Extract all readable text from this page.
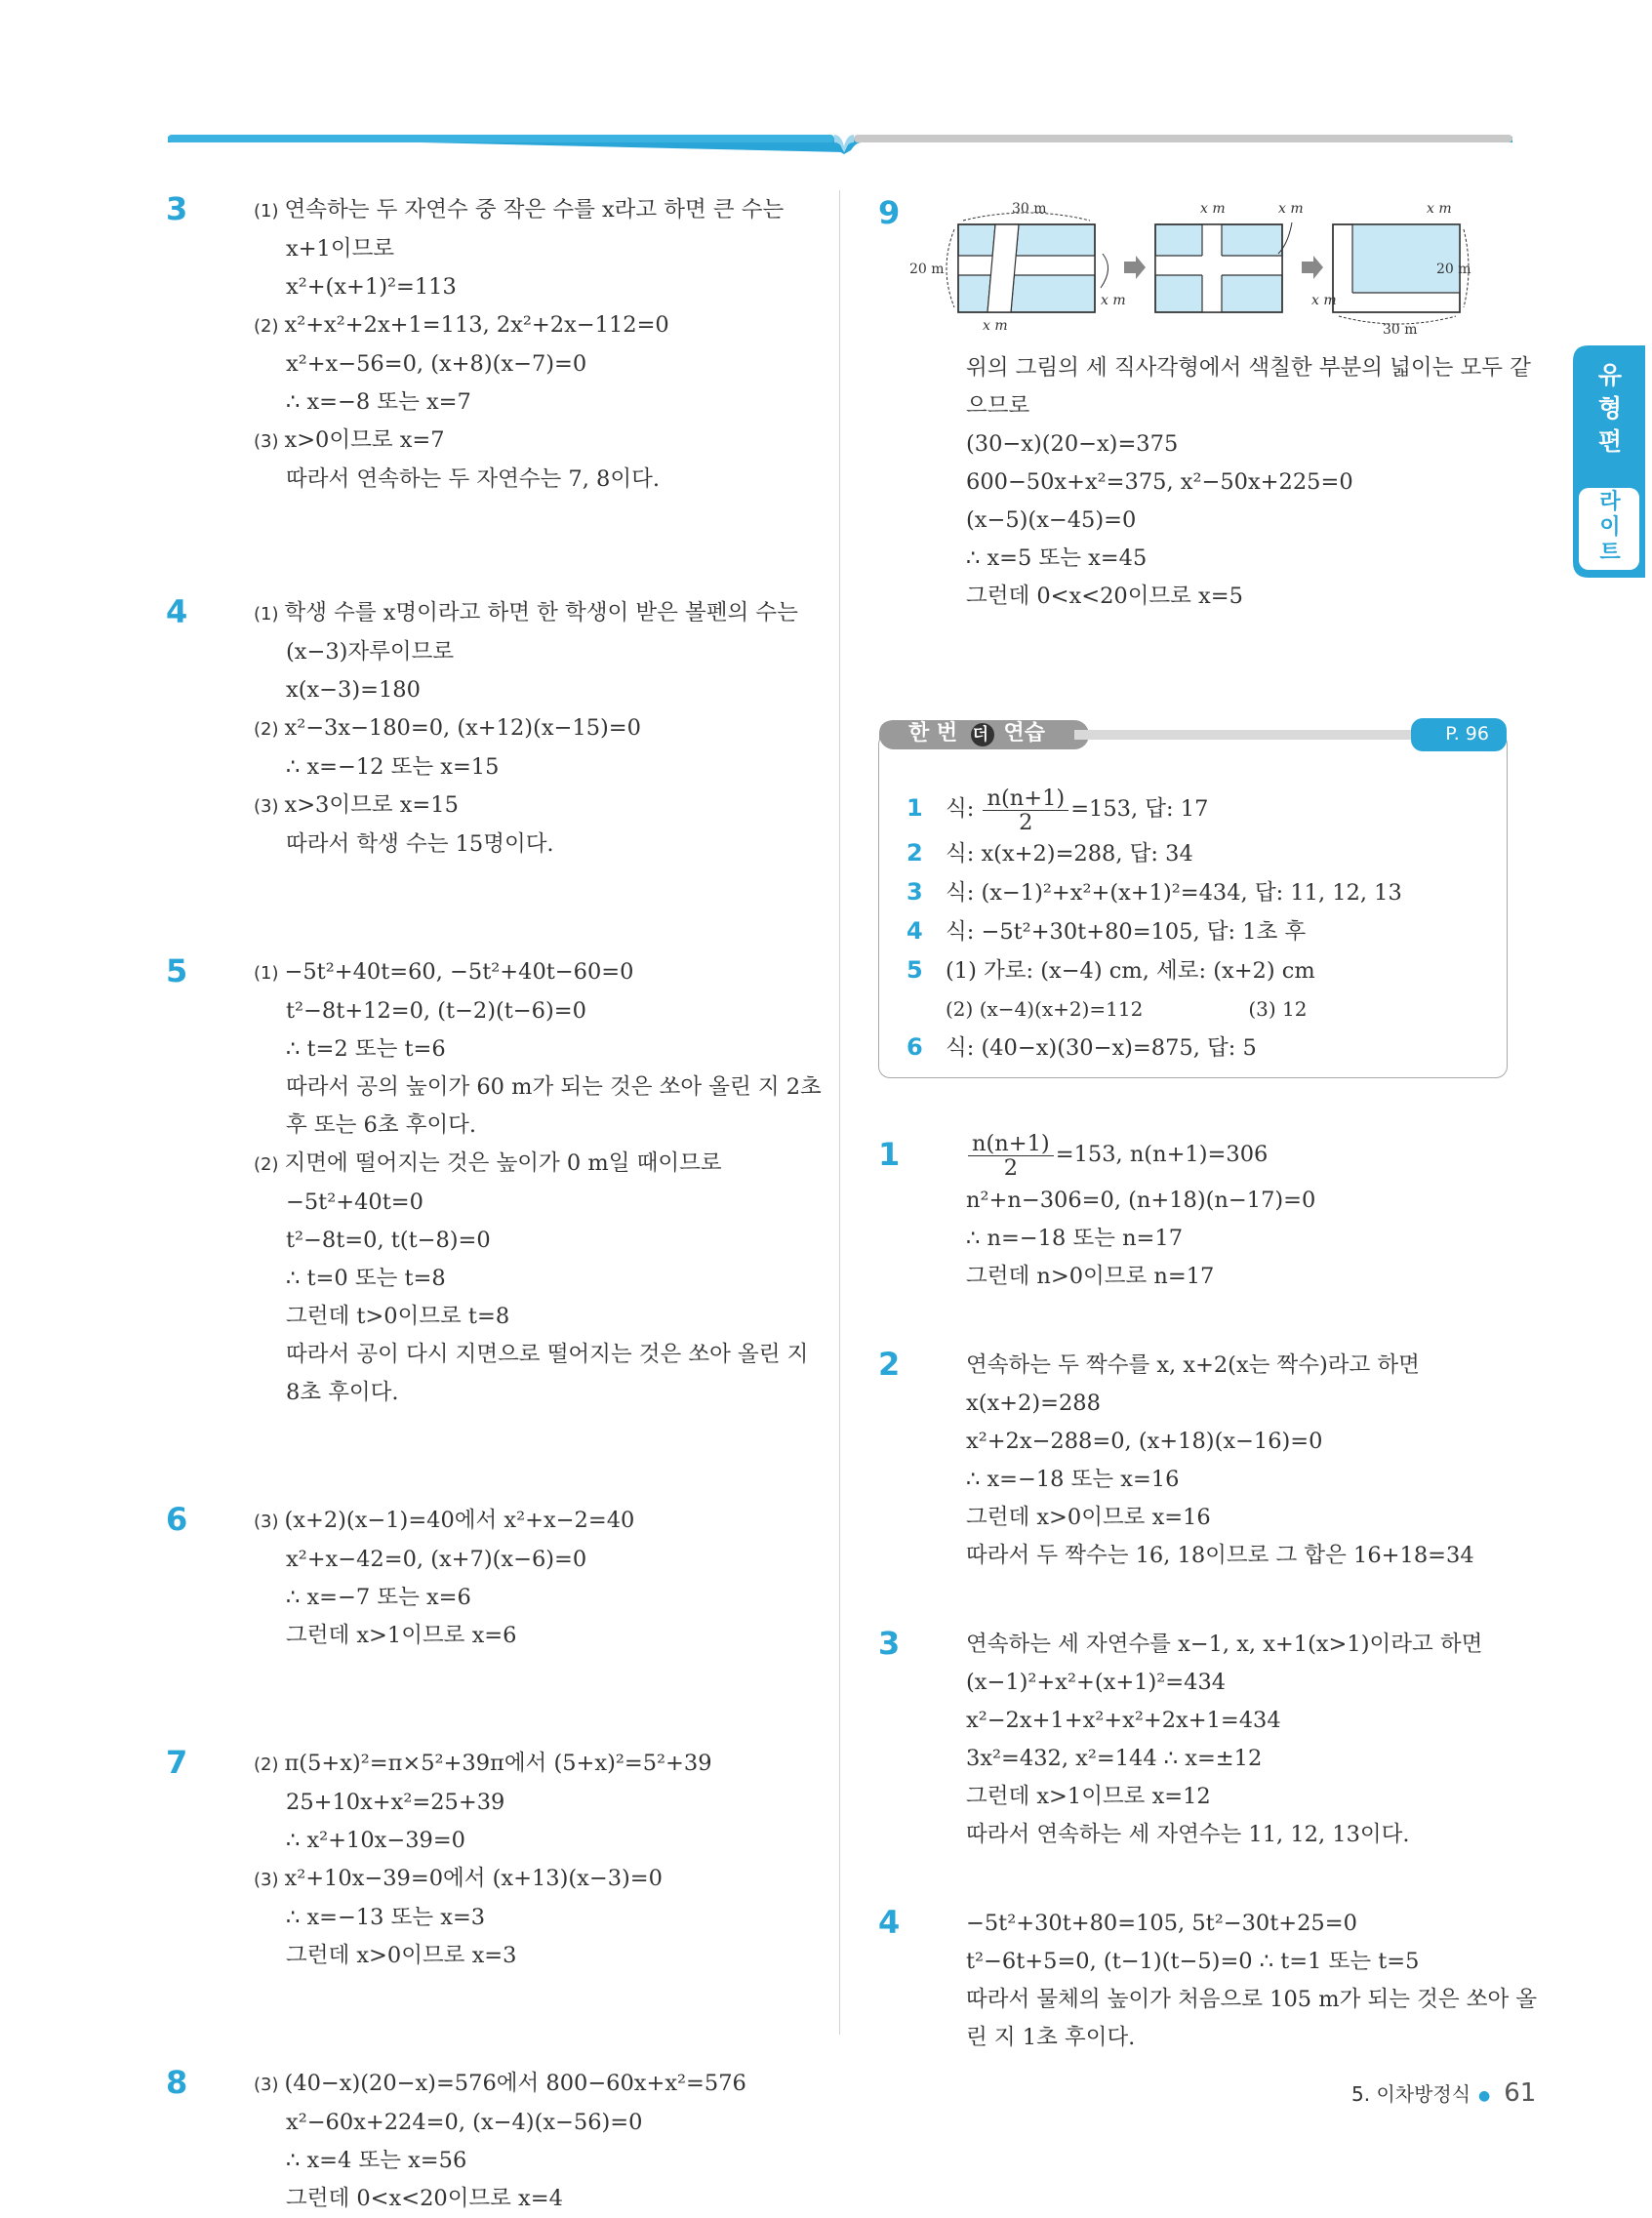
3	(1) 연속하는 두 자연수 중 작은 수를 x라고 하면 큰 수는
x+1이므로
x²+(x+1)²=113
(2) x²+x²+2x+1=113, 2x²+2x−112=0
x²+x−56=0, (x+8)(x−7)=0
∴ x=−8 또는 x=7
(3) x>0이므로 x=7
따라서 연속하는 두 자연수는 7, 8이다.
4	(1) 학생 수를 x명이라고 하면 한 학생이 받은 볼펜의 수는
(x−3)자루이므로
x(x−3)=180
(2) x²−3x−180=0, (x+12)(x−15)=0
∴ x=−12 또는 x=15
(3) x>3이므로 x=15
따라서 학생 수는 15명이다.
5	(1) −5t²+40t=60, −5t²+40t−60=0
t²−8t+12=0, (t−2)(t−6)=0
∴ t=2 또는 t=6
따라서 공의 높이가 60 m가 되는 것은 쏘아 올린 지 2초
후 또는 6초 후이다.
(2) 지면에 떨어지는 것은 높이가 0 m일 때이므로
−5t²+40t=0
t²−8t=0, t(t−8)=0
∴ t=0 또는 t=8
그런데 t>0이므로 t=8
따라서 공이 다시 지면으로 떨어지는 것은 쏘아 올린 지
8초 후이다.
6	(3) (x+2)(x−1)=40에서 x²+x−2=40
x²+x−42=0, (x+7)(x−6)=0
∴ x=−7 또는 x=6
그런데 x>1이므로 x=6
7	(2) π(5+x)²=π×5²+39π에서 (5+x)²=5²+39
25+10x+x²=25+39
∴ x²+10x−39=0
(3) x²+10x−39=0에서 (x+13)(x−3)=0
∴ x=−13 또는 x=3
그런데 x>0이므로 x=3
8	(3) (40−x)(20−x)=576에서 800−60x+x²=576
x²−60x+224=0, (x−4)(x−56)=0
∴ x=4 또는 x=56
그런데 0<x<20이므로 x=4
9	30 m
20 m
x m
x m
x m	x m	x m
x m
20 m
30 m
위의 그림의 세 직사각형에서 색칠한 부분의 넓이는 모두 같
으므로
(30−x)(20−x)=375
600−50x+x²=375, x²−50x+225=0
(x−5)(x−45)=0
∴ x=5 또는 x=45
그런데 0<x<20이므로 x=5
한 번 더 연습	P. 96
1 식: $\frac{n(n+1)}{2} =153$, 답: 17
2 식: x(x+2)=288, 답: 34
3 식: (x−1)²+x²+(x+1)²=434, 답: 11, 12, 13
4 식: −5t²+30t+80=105, 답: 1초 후
5 (1) 가로: (x−4) cm, 세로: (x+2) cm
(2) (x−4)(x+2)=112	(3) 12
6 식: (40−x)(30−x)=875, 답: 5
1	$\frac{n(n+1)}{2} =153$, n(n+1)=306
n²+n−306=0, (n+18)(n−17)=0
∴ n=−18 또는 n=17
그런데 n>0이므로 n=17
2	연속하는 두 짝수를 x, x+2(x는 짝수)라고 하면
x(x+2)=288
x²+2x−288=0, (x+18)(x−16)=0
∴ x=−18 또는 x=16
그런데 x>0이므로 x=16
따라서 두 짝수는 16, 18이므로 그 합은 16+18=34
3	연속하는 세 자연수를 x−1, x, x+1(x>1)이라고 하면
(x−1)²+x²+(x+1)²=434
x²−2x+1+x²+x²+2x+1=434
3x²=432, x²=144 ∴ x=±12
그런데 x>1이므로 x=12
따라서 연속하는 세 자연수는 11, 12, 13이다.
4	−5t²+30t+80=105, 5t²−30t+25=0
t²−6t+5=0, (t−1)(t−5)=0 ∴ t=1 또는 t=5
따라서 물체의 높이가 처음으로 105 m가 되는 것은 쏘아 올
린 지 1초 후이다.
유형편
라이트
5. 이차방정식 ● 61
